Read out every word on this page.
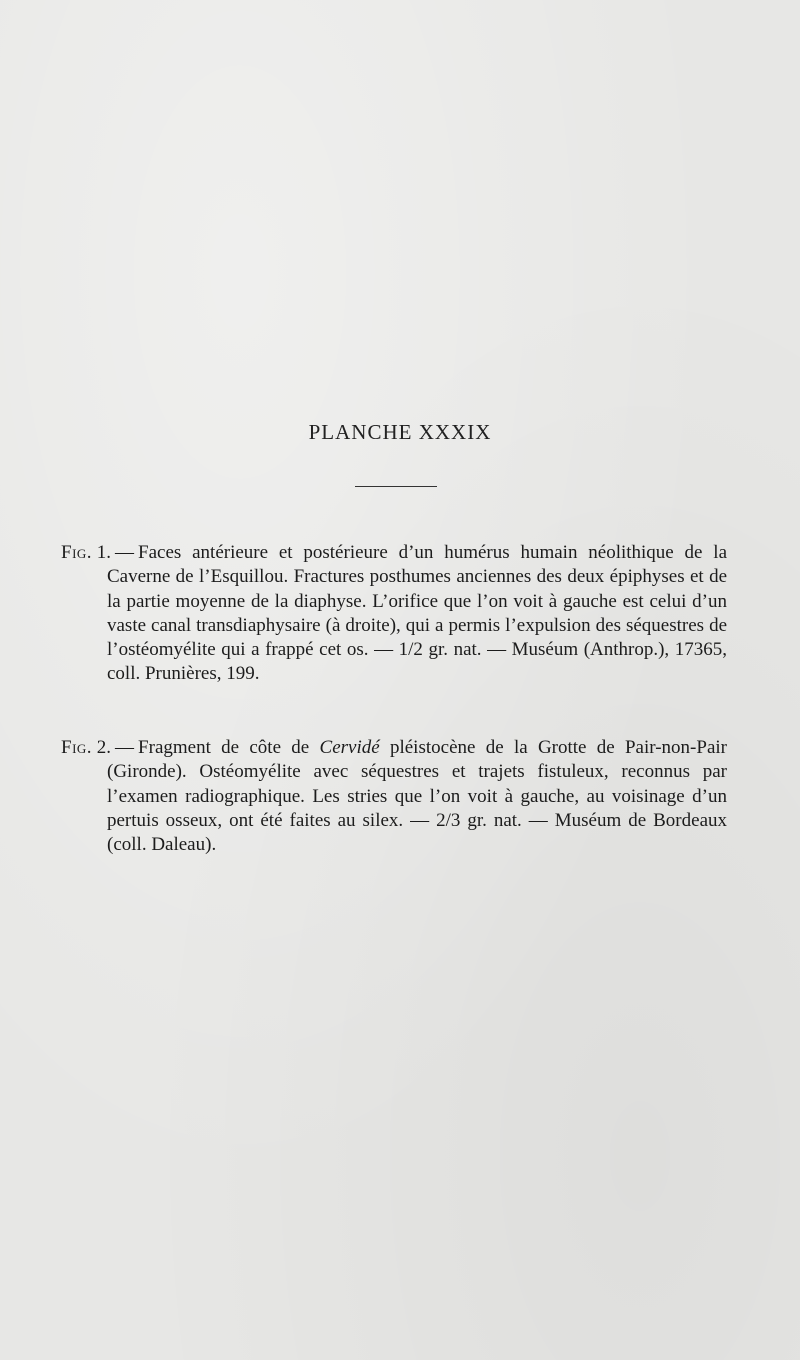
PLANCHE XXXIX

Fig. 1. — Faces antérieure et postérieure d’un humérus humain néolithique de la Caverne de l’Esquillou. Fractures posthumes anciennes des deux épiphyses et de la partie moyenne de la diaphyse. L’orifice que l’on voit à gauche est celui d’un vaste canal transdiaphysaire (à droite), qui a permis l’expulsion des séquestres de l’ostéomyélite qui a frappé cet os. — 1/2 gr. nat. — Muséum (Anthrop.), 17365, coll. Prunières, 199.

Fig. 2. — Fragment de côte de Cervidé pléistocène de la Grotte de Pair-non-Pair (Gironde). Ostéomyélite avec séquestres et trajets fistuleux, reconnus par l’examen radiographique. Les stries que l’on voit à gauche, au voisinage d’un pertuis osseux, ont été faites au silex. — 2/3 gr. nat. — Muséum de Bordeaux (coll. Daleau).
